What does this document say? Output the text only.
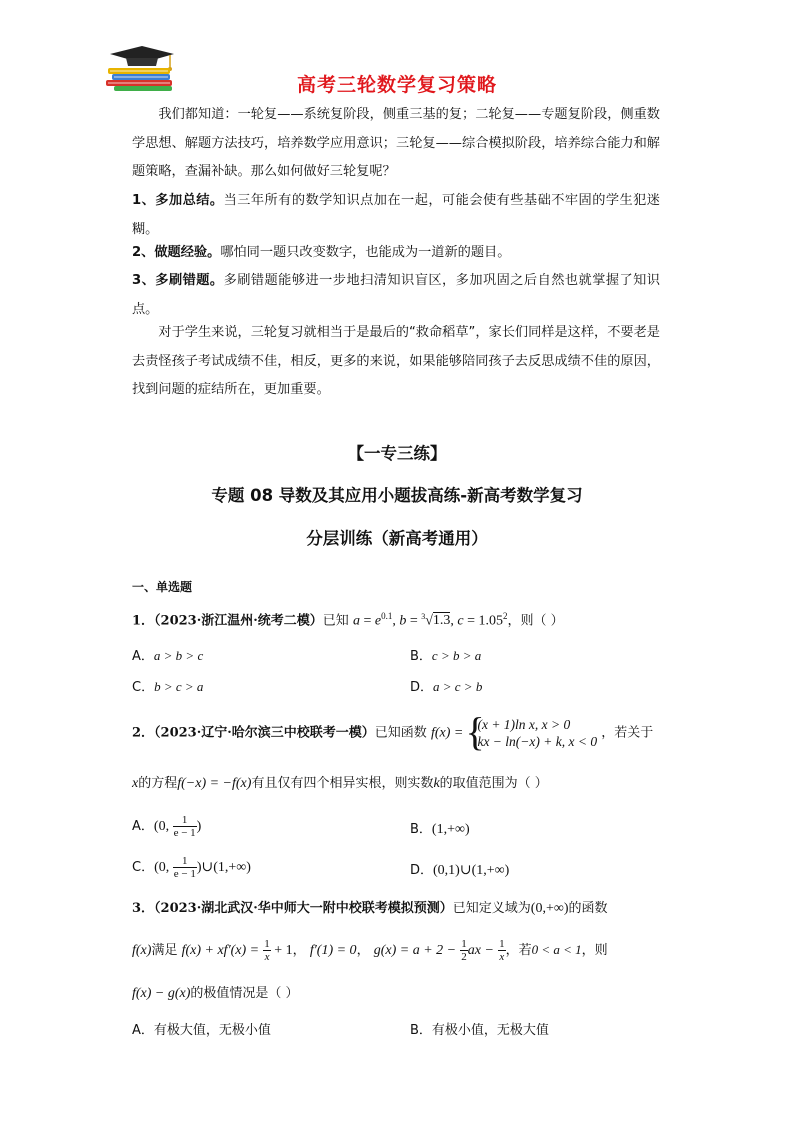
高考三轮数学复习策略

我们都知道：一轮复——系统复阶段，侧重三基的复；二轮复——专题复阶段，侧重数学思想、解题方法技巧，培养数学应用意识；三轮复——综合模拟阶段，培养综合能力和解题策略，查漏补缺。那么如何做好三轮复呢？

1、多加总结。当三年所有的数学知识点加在一起，可能会使有些基础不牢固的学生犯迷糊。

2、做题经验。哪怕同一题只改变数字，也能成为一道新的题目。

3、多刷错题。多刷错题能够进一步地扫清知识盲区，多加巩固之后自然也就掌握了知识点。

对于学生来说，三轮复习就相当于是最后的“救命稻草”，家长们同样是这样，不要老是去责怪孩子考试成绩不佳，相反，更多的来说，如果能够陪同孩子去反思成绩不佳的原因，找到问题的症结所在，更加重要。

【一专三练】

专题 08 导数及其应用小题拔高练-新高考数学复习

分层训练（新高考通用）

一、单选题
1．（2023·浙江温州·统考二模）已知 $a = e^{0.1}$, b = $^3$√1.3, $c = 1.05^2$，则（ ）
A．a > b > c	B．c > b > a
C．b > c > a	D．a > c > b
2．（2023·辽宁·哈尔滨三中校联考一模）已知函数 f(x) = {
(x + 1)ln x, x > 0
kx − ln(−x) + k, x < 0
，若关于
x的方程f(−x) = −f(x)有且仅有四个相异实根，则实数k的取值范围为（ ）
A．(0, $\frac{1}{e - 1}$ )	B．(1,+∞)
C．(0, $\frac{1}{e - 1}$ )∪(1,+∞)	D．(0,1)∪(1,+∞)
3．（2023·湖北武汉·华中师大一附中校联考模拟预测）已知定义域为(0,+∞)的函数
f(x)满足 $f(x) + xf'(x) = \frac{1}{x} + 1$， f′(1) = 0， $g(x) = a + 2 - \frac{1}{2}$ ax − $\frac{1}{x}$ ，若0 < a < 1，则
f(x) − g(x)的极值情况是（ ）
A．有极大值，无极小值	B．有极小值，无极大值
